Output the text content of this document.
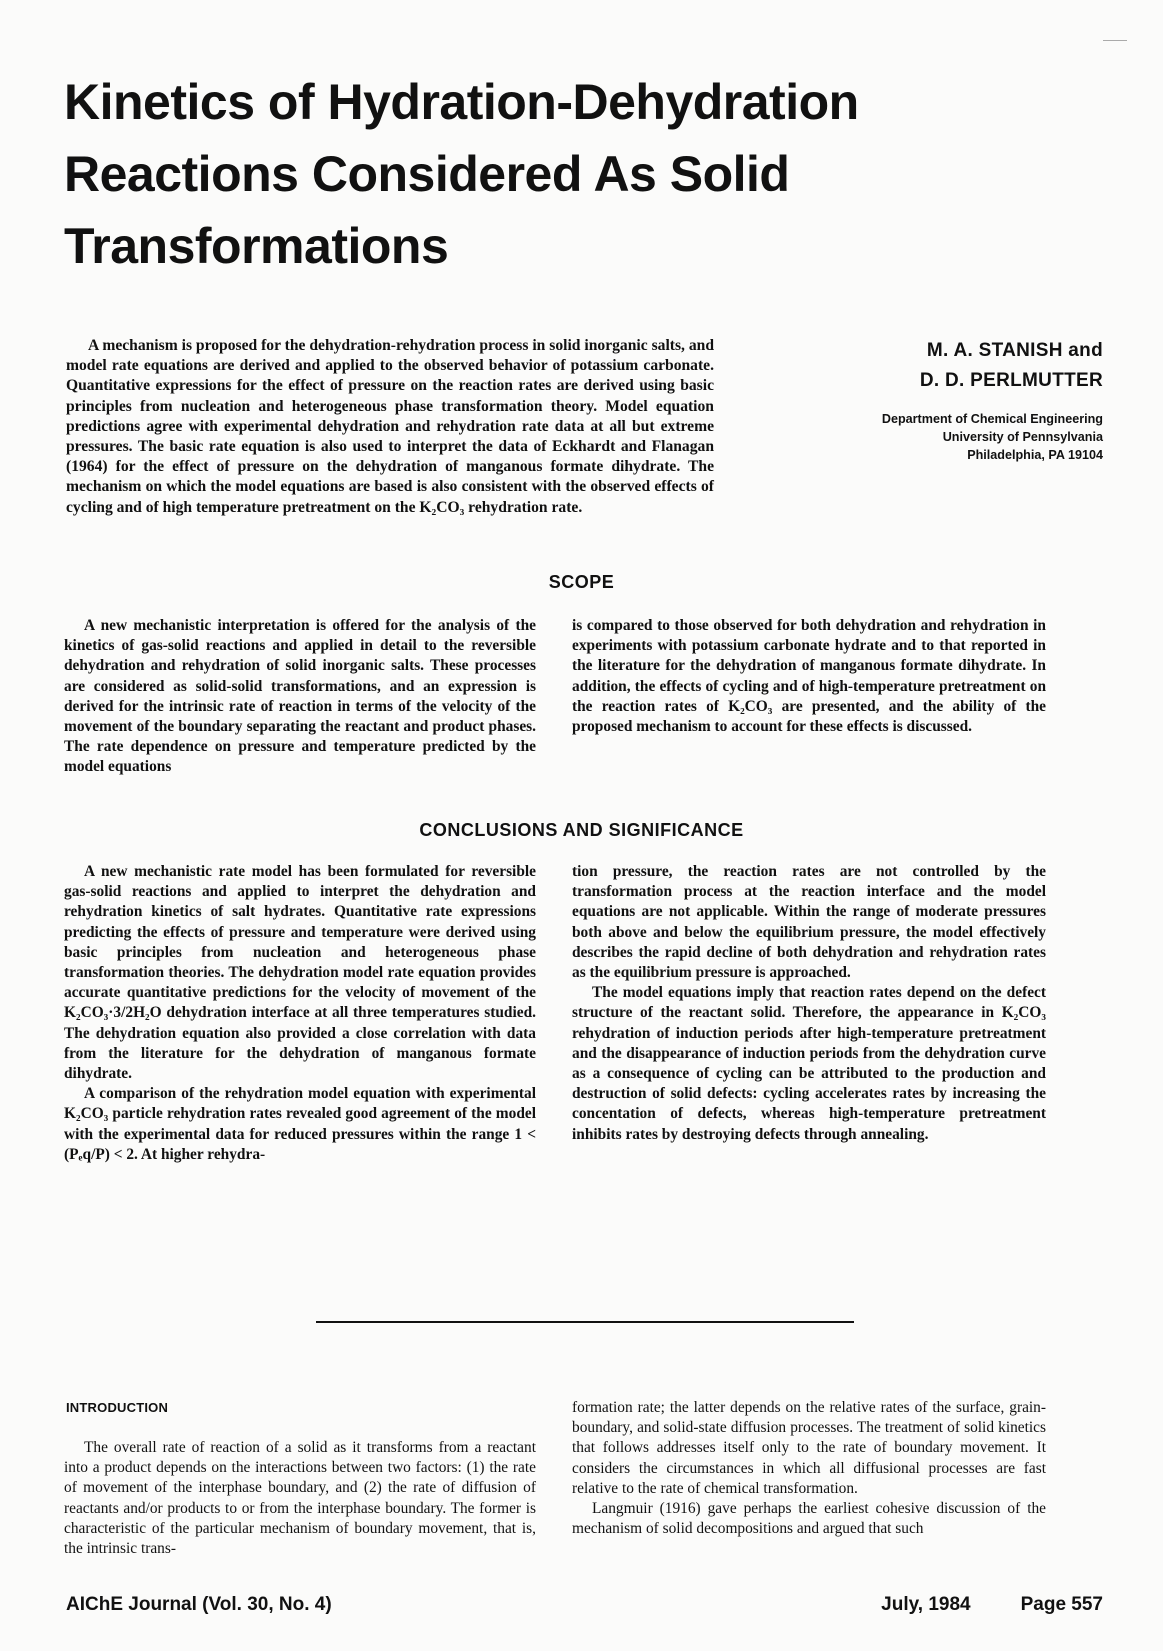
Kinetics of Hydration-Dehydration
Reactions Considered As Solid
Transformations

A mechanism is proposed for the dehydration-rehydration process in solid inorganic salts, and model rate equations are derived and applied to the observed behavior of potassium carbonate. Quantitative expressions for the effect of pressure on the reaction rates are derived using basic principles from nucleation and heterogeneous phase transformation theory. Model equation predictions agree with experimental dehydration and rehydration rate data at all but extreme pressures. The basic rate equation is also used to interpret the data of Eckhardt and Flanagan (1964) for the effect of pressure on the dehydration of manganous formate dihydrate. The mechanism on which the model equations are based is also consistent with the observed effects of cycling and of high temperature pretreatment on the K₂CO₃ rehydration rate.

M. A. STANISH and
D. D. PERLMUTTER
Department of Chemical Engineering
University of Pennsylvania
Philadelphia, PA 19104
SCOPE

A new mechanistic interpretation is offered for the analysis of the kinetics of gas-solid reactions and applied in detail to the reversible dehydration and rehydration of solid inorganic salts. These processes are considered as solid-solid transformations, and an expression is derived for the intrinsic rate of reaction in terms of the velocity of the movement of the boundary separating the reactant and product phases. The rate dependence on pressure and temperature predicted by the model equations

is compared to those observed for both dehydration and rehydration in experiments with potassium carbonate hydrate and to that reported in the literature for the dehydration of manganous formate dihydrate. In addition, the effects of cycling and of high-temperature pretreatment on the reaction rates of K₂CO₃ are presented, and the ability of the proposed mechanism to account for these effects is discussed.

CONCLUSIONS AND SIGNIFICANCE

A new mechanistic rate model has been formulated for reversible gas-solid reactions and applied to interpret the dehydration and rehydration kinetics of salt hydrates. Quantitative rate expressions predicting the effects of pressure and temperature were derived using basic principles from nucleation and heterogeneous phase transformation theories. The dehydration model rate equation provides accurate quantitative predictions for the velocity of movement of the K₂CO₃·3/2H₂O dehydration interface at all three temperatures studied. The dehydration equation also provided a close correlation with data from the literature for the dehydration of manganous formate dihydrate.

A comparison of the rehydration model equation with experimental K₂CO₃ particle rehydration rates revealed good agreement of the model with the experimental data for reduced pressures within the range 1 < (Pₑq/P) < 2. At higher rehydra-

tion pressure, the reaction rates are not controlled by the transformation process at the reaction interface and the model equations are not applicable. Within the range of moderate pressures both above and below the equilibrium pressure, the model effectively describes the rapid decline of both dehydration and rehydration rates as the equilibrium pressure is approached.

The model equations imply that reaction rates depend on the defect structure of the reactant solid. Therefore, the appearance in K₂CO₃ rehydration of induction periods after high-temperature pretreatment and the disappearance of induction periods from the dehydration curve as a consequence of cycling can be attributed to the production and destruction of solid defects: cycling accelerates rates by increasing the concentation of defects, whereas high-temperature pretreatment inhibits rates by destroying defects through annealing.

INTRODUCTION

The overall rate of reaction of a solid as it transforms from a reactant into a product depends on the interactions between two factors: (1) the rate of movement of the interphase boundary, and (2) the rate of diffusion of reactants and/or products to or from the interphase boundary. The former is characteristic of the particular mechanism of boundary movement, that is, the intrinsic trans-

formation rate; the latter depends on the relative rates of the surface, grain-boundary, and solid-state diffusion processes. The treatment of solid kinetics that follows addresses itself only to the rate of boundary movement. It considers the circumstances in which all diffusional processes are fast relative to the rate of chemical transformation.

Langmuir (1916) gave perhaps the earliest cohesive discussion of the mechanism of solid decompositions and argued that such

AIChE Journal (Vol. 30, No. 4)	July, 1984	Page 557
